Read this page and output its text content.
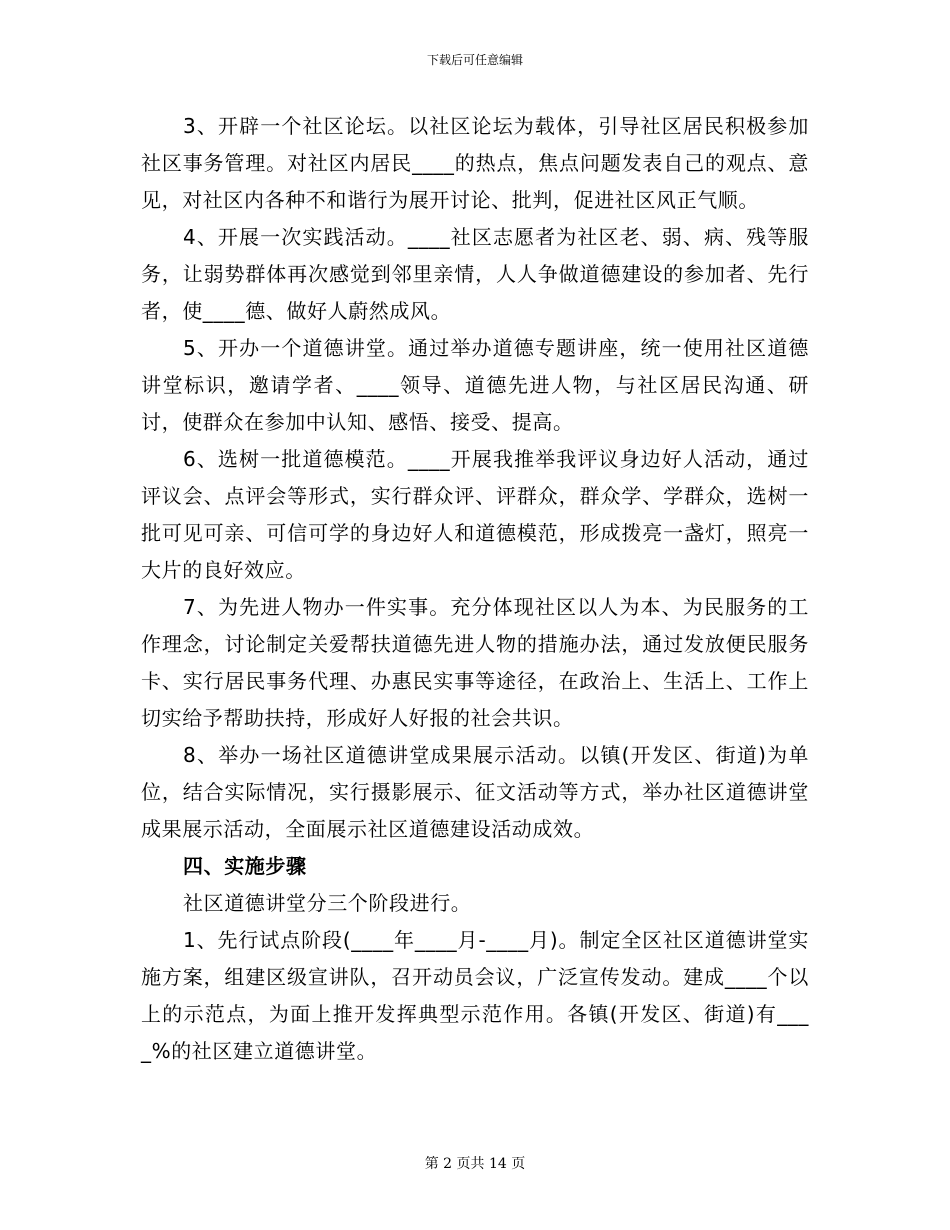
下载后可任意编辑

3、开辟一个社区论坛。以社区论坛为载体，引导社区居民积极参加社区事务管理。对社区内居民____的热点，焦点问题发表自己的观点、意见，对社区内各种不和谐行为展开讨论、批判，促进社区风正气顺。

4、开展一次实践活动。____社区志愿者为社区老、弱、病、残等服务，让弱势群体再次感觉到邻里亲情，人人争做道德建设的参加者、先行者，使____德、做好人蔚然成风。

5、开办一个道德讲堂。通过举办道德专题讲座，统一使用社区道德讲堂标识，邀请学者、____领导、道德先进人物，与社区居民沟通、研讨，使群众在参加中认知、感悟、接受、提高。

6、选树一批道德模范。____开展我推举我评议身边好人活动，通过评议会、点评会等形式，实行群众评、评群众，群众学、学群众，选树一批可见可亲、可信可学的身边好人和道德模范，形成拨亮一盏灯，照亮一大片的良好效应。

7、为先进人物办一件实事。充分体现社区以人为本、为民服务的工作理念，讨论制定关爱帮扶道德先进人物的措施办法，通过发放便民服务卡、实行居民事务代理、办惠民实事等途径，在政治上、生活上、工作上切实给予帮助扶持，形成好人好报的社会共识。

8、举办一场社区道德讲堂成果展示活动。以镇(开发区、街道)为单位，结合实际情况，实行摄影展示、征文活动等方式，举办社区道德讲堂成果展示活动，全面展示社区道德建设活动成效。

四、实施步骤

社区道德讲堂分三个阶段进行。

1、先行试点阶段(____年____月-____月)。制定全区社区道德讲堂实施方案，组建区级宣讲队，召开动员会议，广泛宣传发动。建成____个以上的示范点，为面上推开发挥典型示范作用。各镇(开发区、街道)有____%的社区建立道德讲堂。

第 2 页共 14 页
